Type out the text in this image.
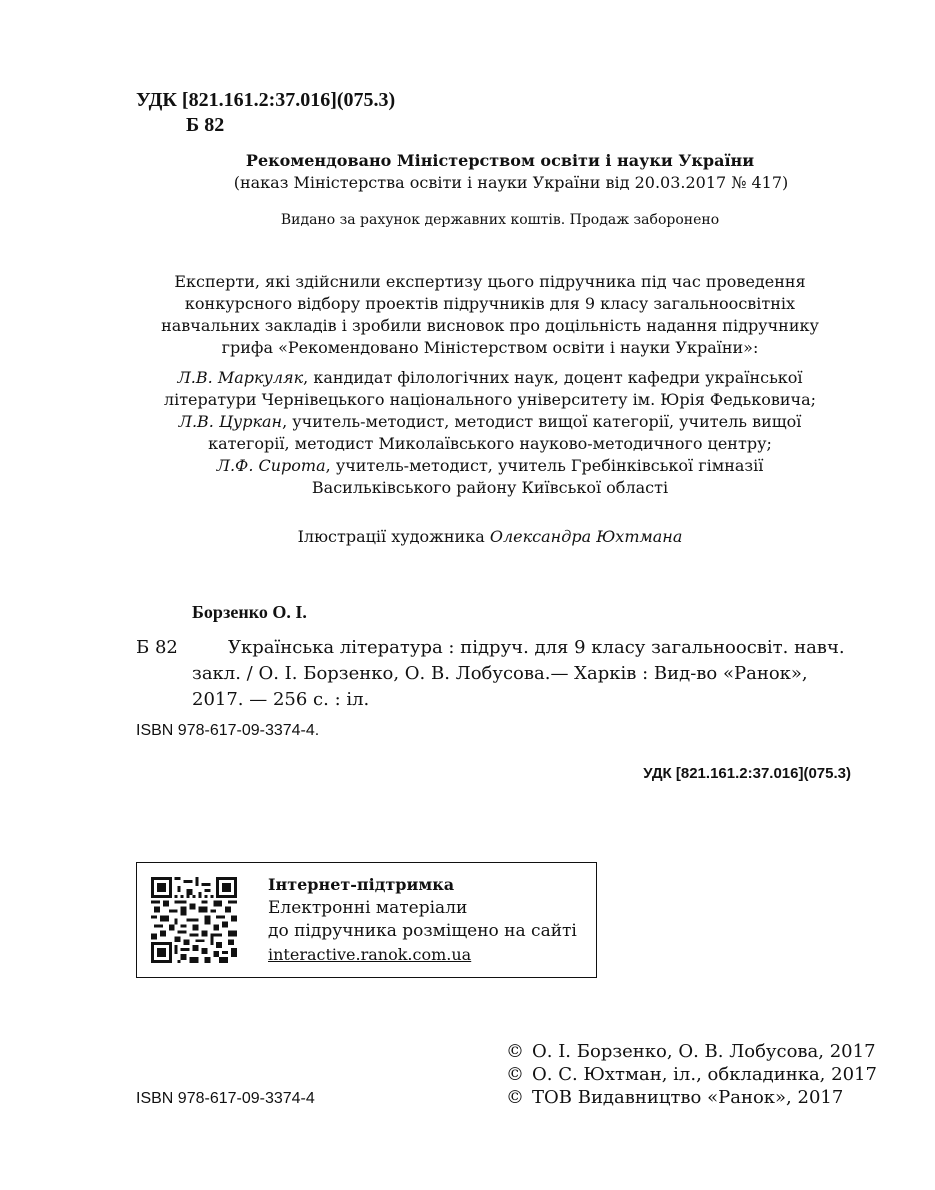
УДК [821.161.2:37.016](075.3)
Б 82
Рекомендовано Міністерством освіти і науки України
(наказ Міністерства освіти і науки України від 20.03.2017 № 417)
Видано за рахунок державних коштів. Продаж заборонено
Експерти, які здійснили експертизу цього підручника під час проведення
конкурсного відбору проектів підручників для 9 класу загальноосвітніх
навчальних закладів і зробили висновок про доцільність надання підручнику
грифа «Рекомендовано Міністерством освіти і науки України»:
Л.В. Маркуляк, кандидат філологічних наук, доцент кафедри української
літератури Чернівецького національного університету ім. Юрія Федьковича;
Л.В. Цуркан, учитель-методист, методист вищої категорії, учитель вищої
категорії, методист Миколаївського науково-методичного центру;
Л.Ф. Сирота, учитель-методист, учитель Гребінківської гімназії
Васильківського району Київської області
Ілюстрації художника Олександра Юхтмана
Борзенко О. І.
Б 82	Українська література : підруч. для 9 класу загальноосвіт. навч.
закл. / О. І. Борзенко, О. В. Лобусова.— Харків : Вид-во «Ранок»,
2017. — 256 с. : іл.
ISBN 978-617-09-3374-4.
УДК [821.161.2:37.016](075.3)
Інтернет-підтримка
Електронні матеріали
до підручника розміщено на сайті
interactive.ranok.com.ua
ISBN 978-617-09-3374-4
© О. І. Борзенко, О. В. Лобусова, 2017
© О. С. Юхтман, іл., обкладинка, 2017
© ТОВ Видавництво «Ранок», 2017
